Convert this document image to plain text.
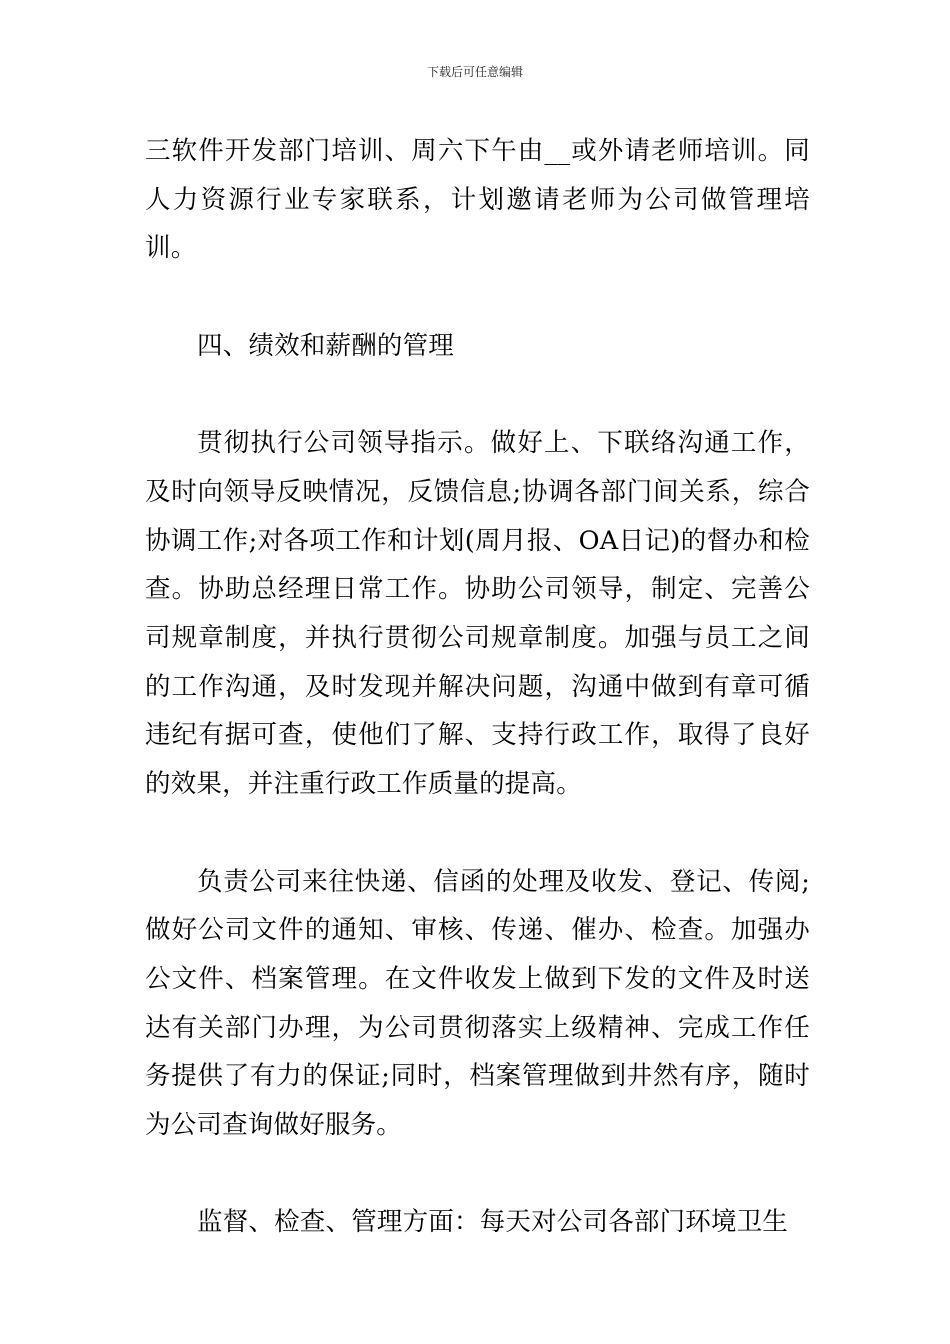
下载后可任意编辑

三软件开发部门培训、周六下午由__或外请老师培训。同人力资源行业专家联系，计划邀请老师为公司做管理培训。

四、绩效和薪酬的管理

贯彻执行公司领导指示。做好上、下联络沟通工作，及时向领导反映情况，反馈信息;协调各部门间关系，综合协调工作;对各项工作和计划(周月报、OA日记)的督办和检查。协助总经理日常工作。协助公司领导，制定、完善公司规章制度，并执行贯彻公司规章制度。加强与员工之间的工作沟通，及时发现并解决问题，沟通中做到有章可循违纪有据可查，使他们了解、支持行政工作，取得了良好的效果，并注重行政工作质量的提高。

负责公司来往快递、信函的处理及收发、登记、传阅;做好公司文件的通知、审核、传递、催办、检查。加强办公文件、档案管理。在文件收发上做到下发的文件及时送达有关部门办理，为公司贯彻落实上级精神、完成工作任务提供了有力的保证;同时，档案管理做到井然有序，随时为公司查询做好服务。

监督、检查、管理方面：每天对公司各部门环境卫生
